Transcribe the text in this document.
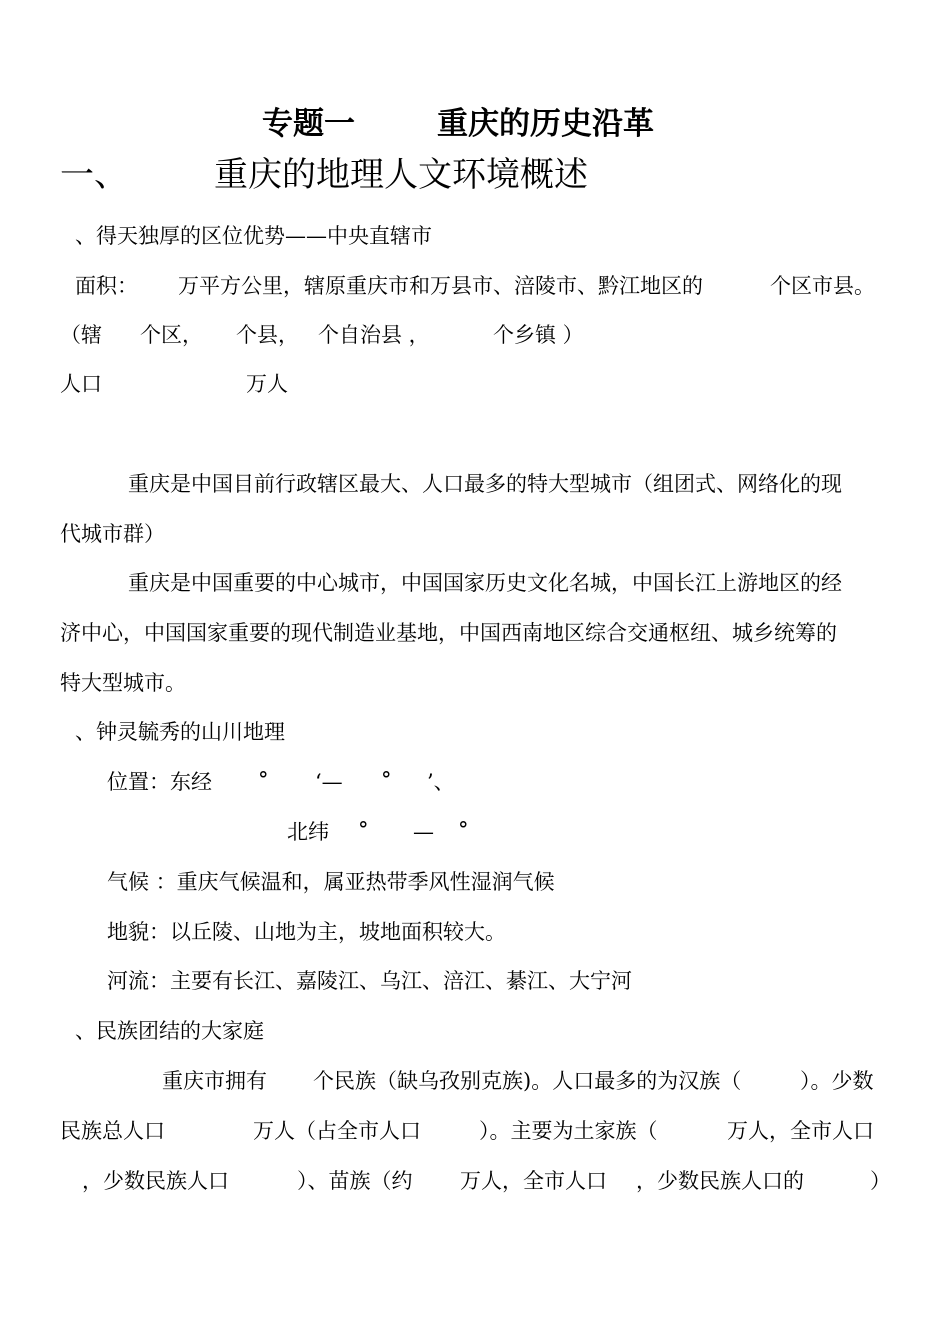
专题一	重庆的历史沿革
一、	重庆的地理人文环境概述
、得天独厚的区位优势——中央直辖市
面积： 万平方公里，辖原重庆市和万县市、涪陵市、黔江地区的	个区市县。
（辖 个区， 个县， 个自治县 ，	个乡镇 ）
人口	万人
重庆是中国目前行政辖区最大、人口最多的特大型城市（组团式、网络化的现
代城市群）
重庆是中国重要的中心城市，中国国家历史文化名城，中国长江上游地区的经
济中心，中国国家重要的现代制造业基地，中国西南地区综合交通枢纽、城乡统筹的
特大型城市。
、钟灵毓秀的山川地理
位置：东经 ° ‘— ° ’、
北纬 ° — °
气候 ：重庆气候温和，属亚热带季风性湿润气候
地貌：以丘陵、山地为主，坡地面积较大。
河流：主要有长江、嘉陵江、乌江、涪江、綦江、大宁河
、民族团结的大家庭
重庆市拥有 个民族（缺乌孜别克族)。人口最多的为汉族（	）。少数
民族总人口	万人（占全市人口	）。主要为土家族（	万人，全市人口
，少数民族人口	）、苗族（约 万人，全市人口 ，少数民族人口的	）
